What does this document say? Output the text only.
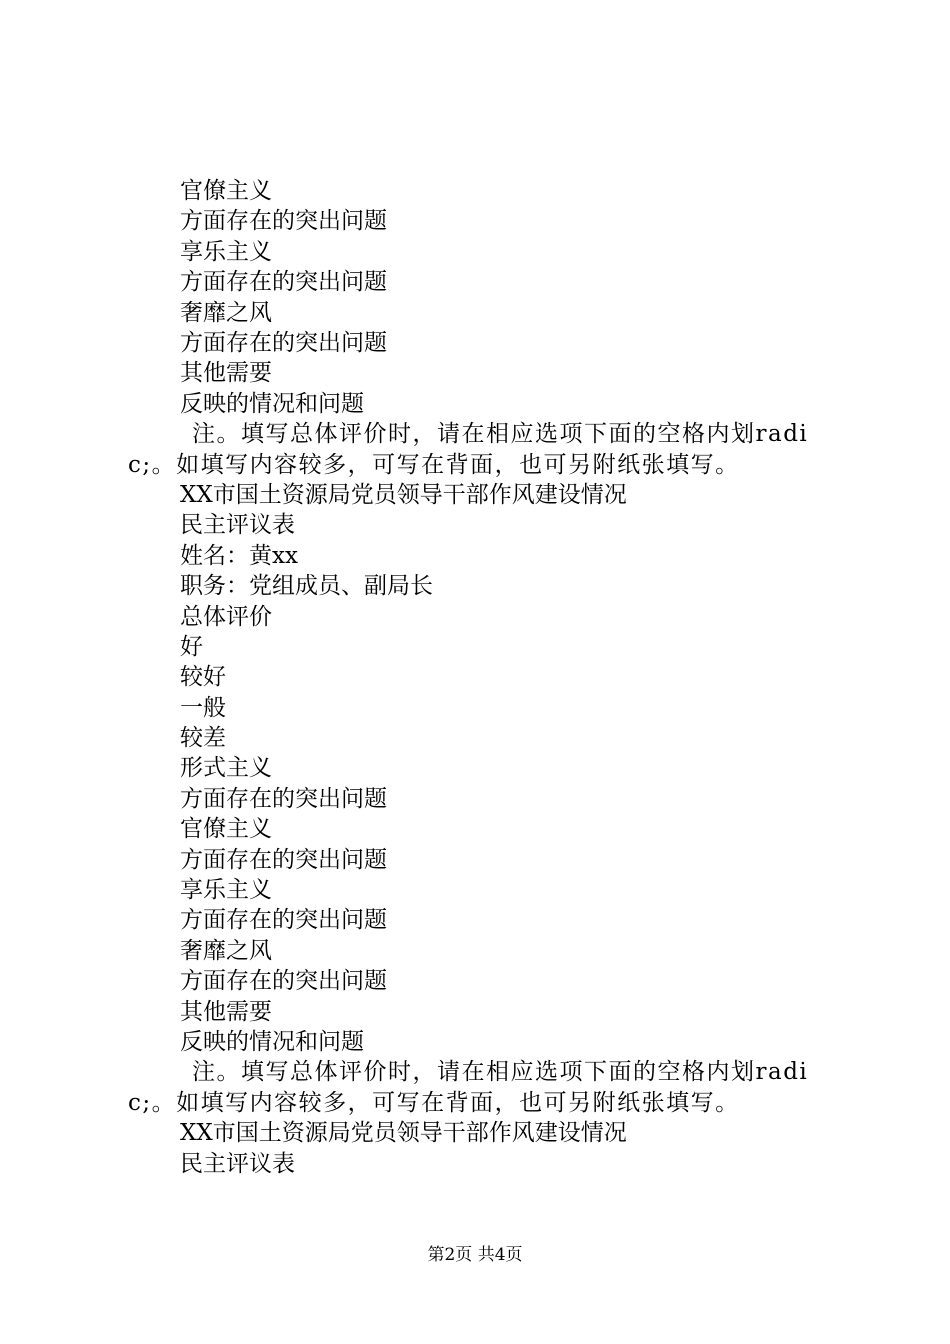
官僚主义
方面存在的突出问题
享乐主义
方面存在的突出问题
奢靡之风
方面存在的突出问题
其他需要
反映的情况和问题
注。填写总体评价时，请在相应选项下面的空格内划radic;。如填写内容较多，可写在背面，也可另附纸张填写。
XX市国土资源局党员领导干部作风建设情况
民主评议表
姓名：黄xx
职务：党组成员、副局长
总体评价
好
较好
一般
较差
形式主义
方面存在的突出问题
官僚主义
方面存在的突出问题
享乐主义
方面存在的突出问题
奢靡之风
方面存在的突出问题
其他需要
反映的情况和问题
注。填写总体评价时，请在相应选项下面的空格内划radic;。如填写内容较多，可写在背面，也可另附纸张填写。
XX市国土资源局党员领导干部作风建设情况
民主评议表
第2页 共4页
